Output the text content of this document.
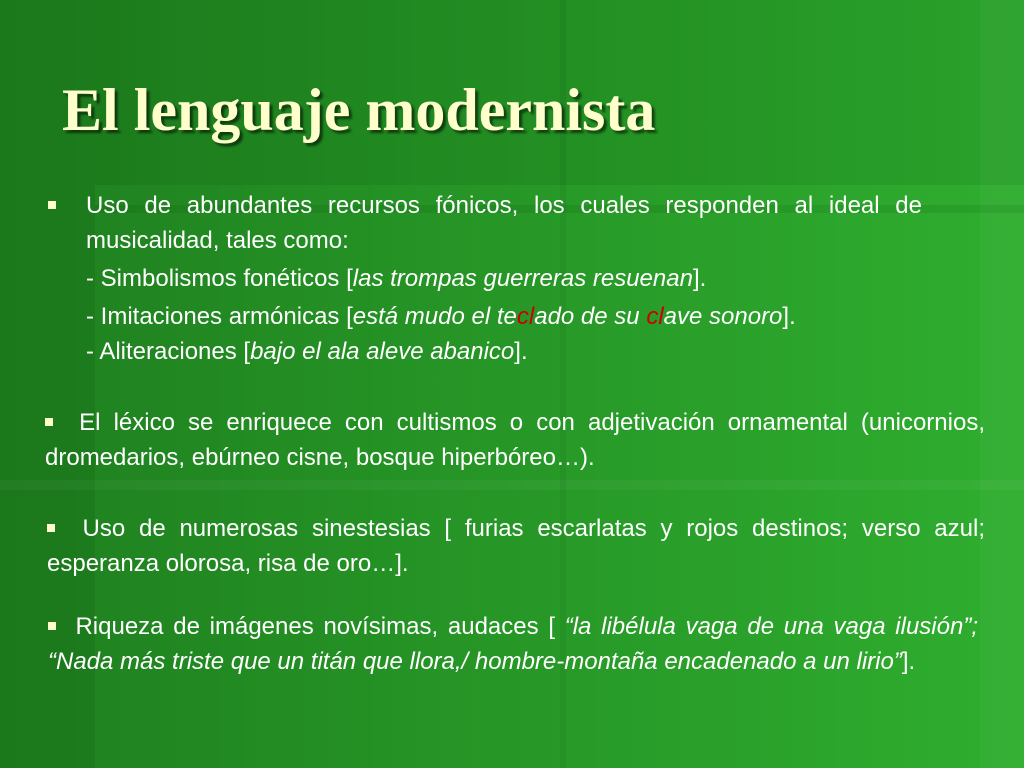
El lenguaje modernista
Uso de abundantes recursos fónicos, los cuales responden al ideal de musicalidad, tales como:
- Simbolismos fonéticos [las trompas guerreras resuenan].
- Imitaciones armónicas [está mudo el teclado de su clave sonoro].
- Aliteraciones [bajo el ala aleve abanico].
El léxico se enriquece con cultismos o con adjetivación ornamental (unicornios, dromedarios, ebúrneo cisne, bosque hiperbóreo…).
Uso de numerosas sinestesias [ furias escarlatas y rojos destinos; verso azul; esperanza olorosa, risa de oro…].
Riqueza de imágenes novísimas, audaces [ “la libélula vaga de una vaga ilusión”; “Nada más triste que un titán que llora,/ hombre-montaña encadenado a un lirio”].
